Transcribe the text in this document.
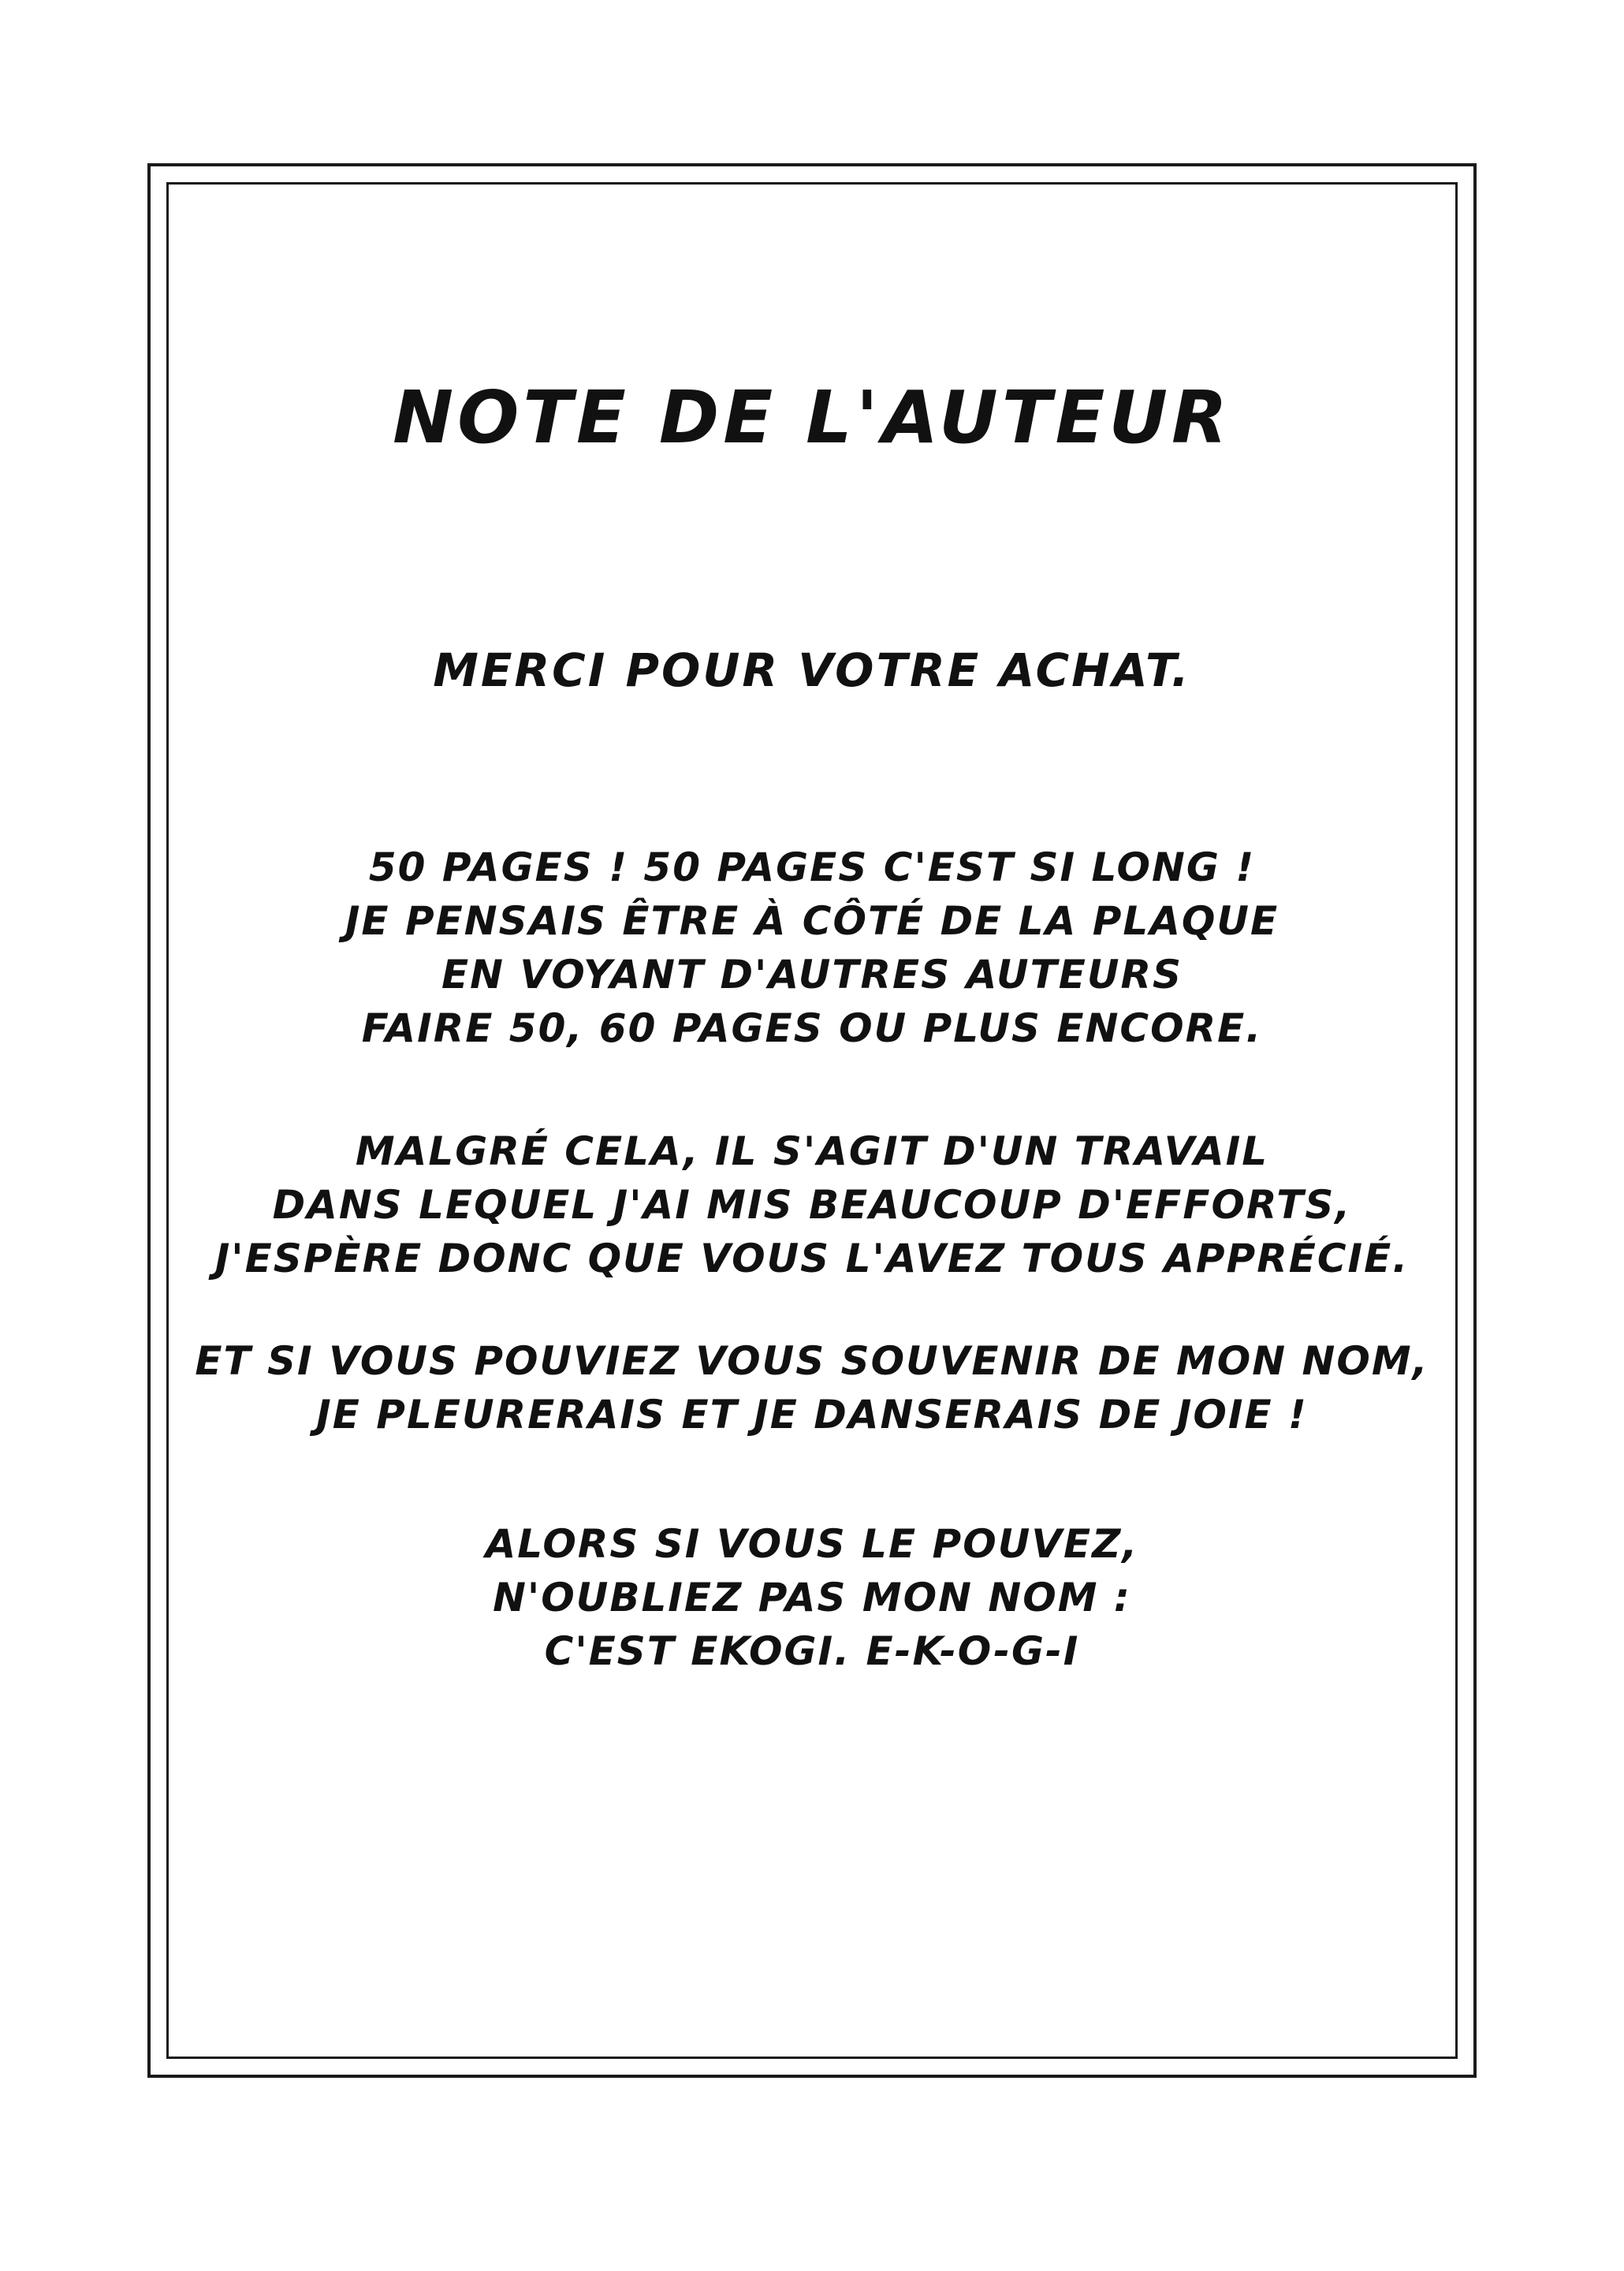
NOTE DE L'AUTEUR
MERCI POUR VOTRE ACHAT.
50 PAGES ! 50 PAGES C'EST SI LONG !
JE PENSAIS ÊTRE À CÔTÉ DE LA PLAQUE
EN VOYANT D'AUTRES AUTEURS
FAIRE 50, 60 PAGES OU PLUS ENCORE.
MALGRÉ CELA, IL S'AGIT D'UN TRAVAIL
DANS LEQUEL J'AI MIS BEAUCOUP D'EFFORTS,
J'ESPÈRE DONC QUE VOUS L'AVEZ TOUS APPRÉCIÉ.
ET SI VOUS POUVIEZ VOUS SOUVENIR DE MON NOM,
JE PLEURERAIS ET JE DANSERAIS DE JOIE !
ALORS SI VOUS LE POUVEZ,
N'OUBLIEZ PAS MON NOM :
C'EST EKOGI. E-K-O-G-I
